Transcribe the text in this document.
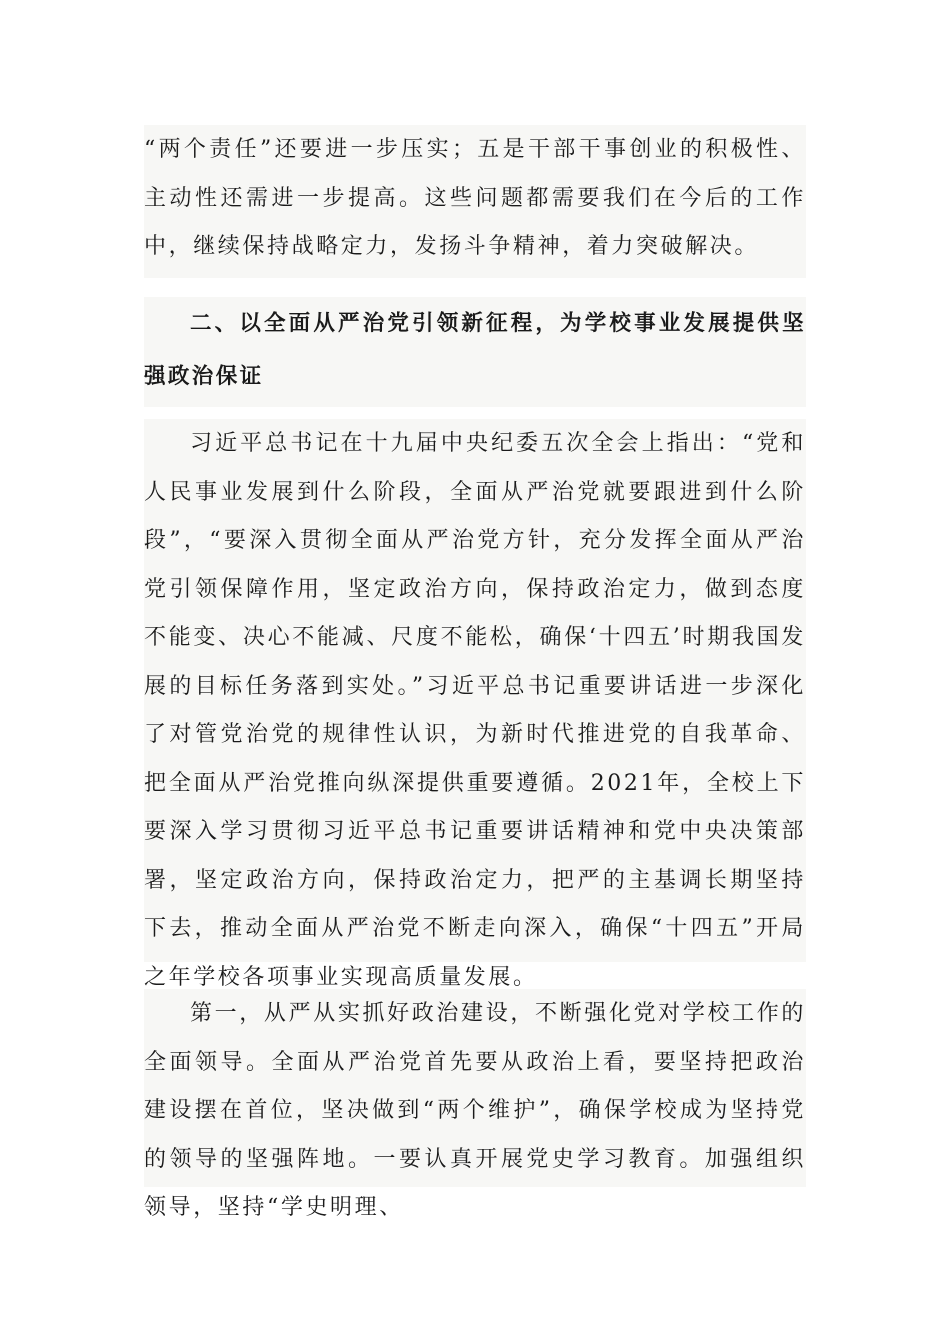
“两个责任”还要进一步压实；五是干部干事创业的积极性、主动性还需进一步提高。这些问题都需要我们在今后的工作中，继续保持战略定力，发扬斗争精神，着力突破解决。

二、以全面从严治党引领新征程，为学校事业发展提供坚强政治保证

习近平总书记在十九届中央纪委五次全会上指出：“党和人民事业发展到什么阶段，全面从严治党就要跟进到什么阶段”，“要深入贯彻全面从严治党方针，充分发挥全面从严治党引领保障作用，坚定政治方向，保持政治定力，做到态度不能变、决心不能减、尺度不能松，确保‘十四五’时期我国发展的目标任务落到实处。”习近平总书记重要讲话进一步深化了对管党治党的规律性认识，为新时代推进党的自我革命、把全面从严治党推向纵深提供重要遵循。2021年，全校上下要深入学习贯彻习近平总书记重要讲话精神和党中央决策部署，坚定政治方向，保持政治定力，把严的主基调长期坚持下去，推动全面从严治党不断走向深入，确保“十四五”开局之年学校各项事业实现高质量发展。

第一，从严从实抓好政治建设，不断强化党对学校工作的全面领导。全面从严治党首先要从政治上看，要坚持把政治建设摆在首位，坚决做到“两个维护”，确保学校成为坚持党的领导的坚强阵地。一要认真开展党史学习教育。加强组织领导，坚持“学史明理、
